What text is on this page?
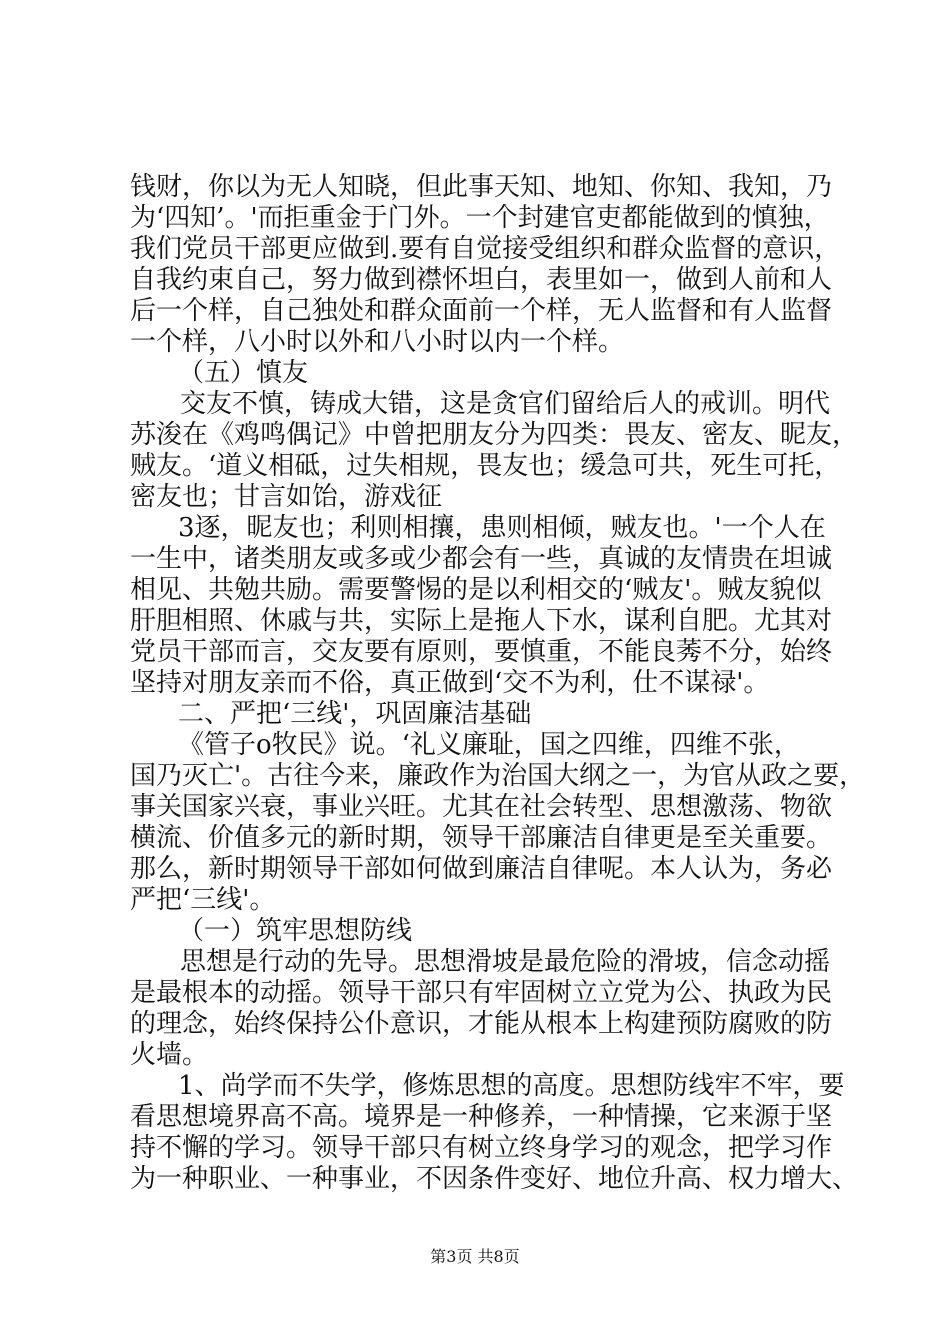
钱财，你以为无人知晓，但此事天知、地知、你知、我知，乃
为‘四知’。'而拒重金于门外。一个封建官吏都能做到的慎独，
我们党员干部更应做到.要有自觉接受组织和群众监督的意识，
自我约束自己，努力做到襟怀坦白，表里如一，做到人前和人
后一个样，自己独处和群众面前一个样，无人监督和有人监督
一个样，八小时以外和八小时以内一个样。
（五）慎友
交友不慎，铸成大错，这是贪官们留给后人的戒训。明代
苏浚在《鸡鸣偶记》中曾把朋友分为四类：畏友、密友、昵友，
贼友。‘道义相砥，过失相规，畏友也；缓急可共，死生可托，
密友也；甘言如饴，游戏征
3逐，昵友也；利则相攘，患则相倾，贼友也。'一个人在
一生中，诸类朋友或多或少都会有一些，真诚的友情贵在坦诚
相见、共勉共励。需要警惕的是以利相交的‘贼友'。贼友貌似
肝胆相照、休戚与共，实际上是拖人下水，谋利自肥。尤其对
党员干部而言，交友要有原则，要慎重，不能良莠不分，始终
坚持对朋友亲而不俗，真正做到‘交不为利，仕不谋禄'。
二、严把‘三线'，巩固廉洁基础
《管子o牧民》说。‘礼义廉耻，国之四维，四维不张，
国乃灭亡'。古往今来，廉政作为治国大纲之一，为官从政之要，
事关国家兴衰，事业兴旺。尤其在社会转型、思想激荡、物欲
横流、价值多元的新时期，领导干部廉洁自律更是至关重要。
那么，新时期领导干部如何做到廉洁自律呢。本人认为，务必
严把‘三线'。
（一）筑牢思想防线
思想是行动的先导。思想滑坡是最危险的滑坡，信念动摇
是最根本的动摇。领导干部只有牢固树立立党为公、执政为民
的理念，始终保持公仆意识，才能从根本上构建预防腐败的防
火墙。
1、尚学而不失学，修炼思想的高度。思想防线牢不牢，要
看思想境界高不高。境界是一种修养，一种情操，它来源于坚
持不懈的学习。领导干部只有树立终身学习的观念，把学习作
为一种职业、一种事业，不因条件变好、地位升高、权力增大、
第3页 共8页
